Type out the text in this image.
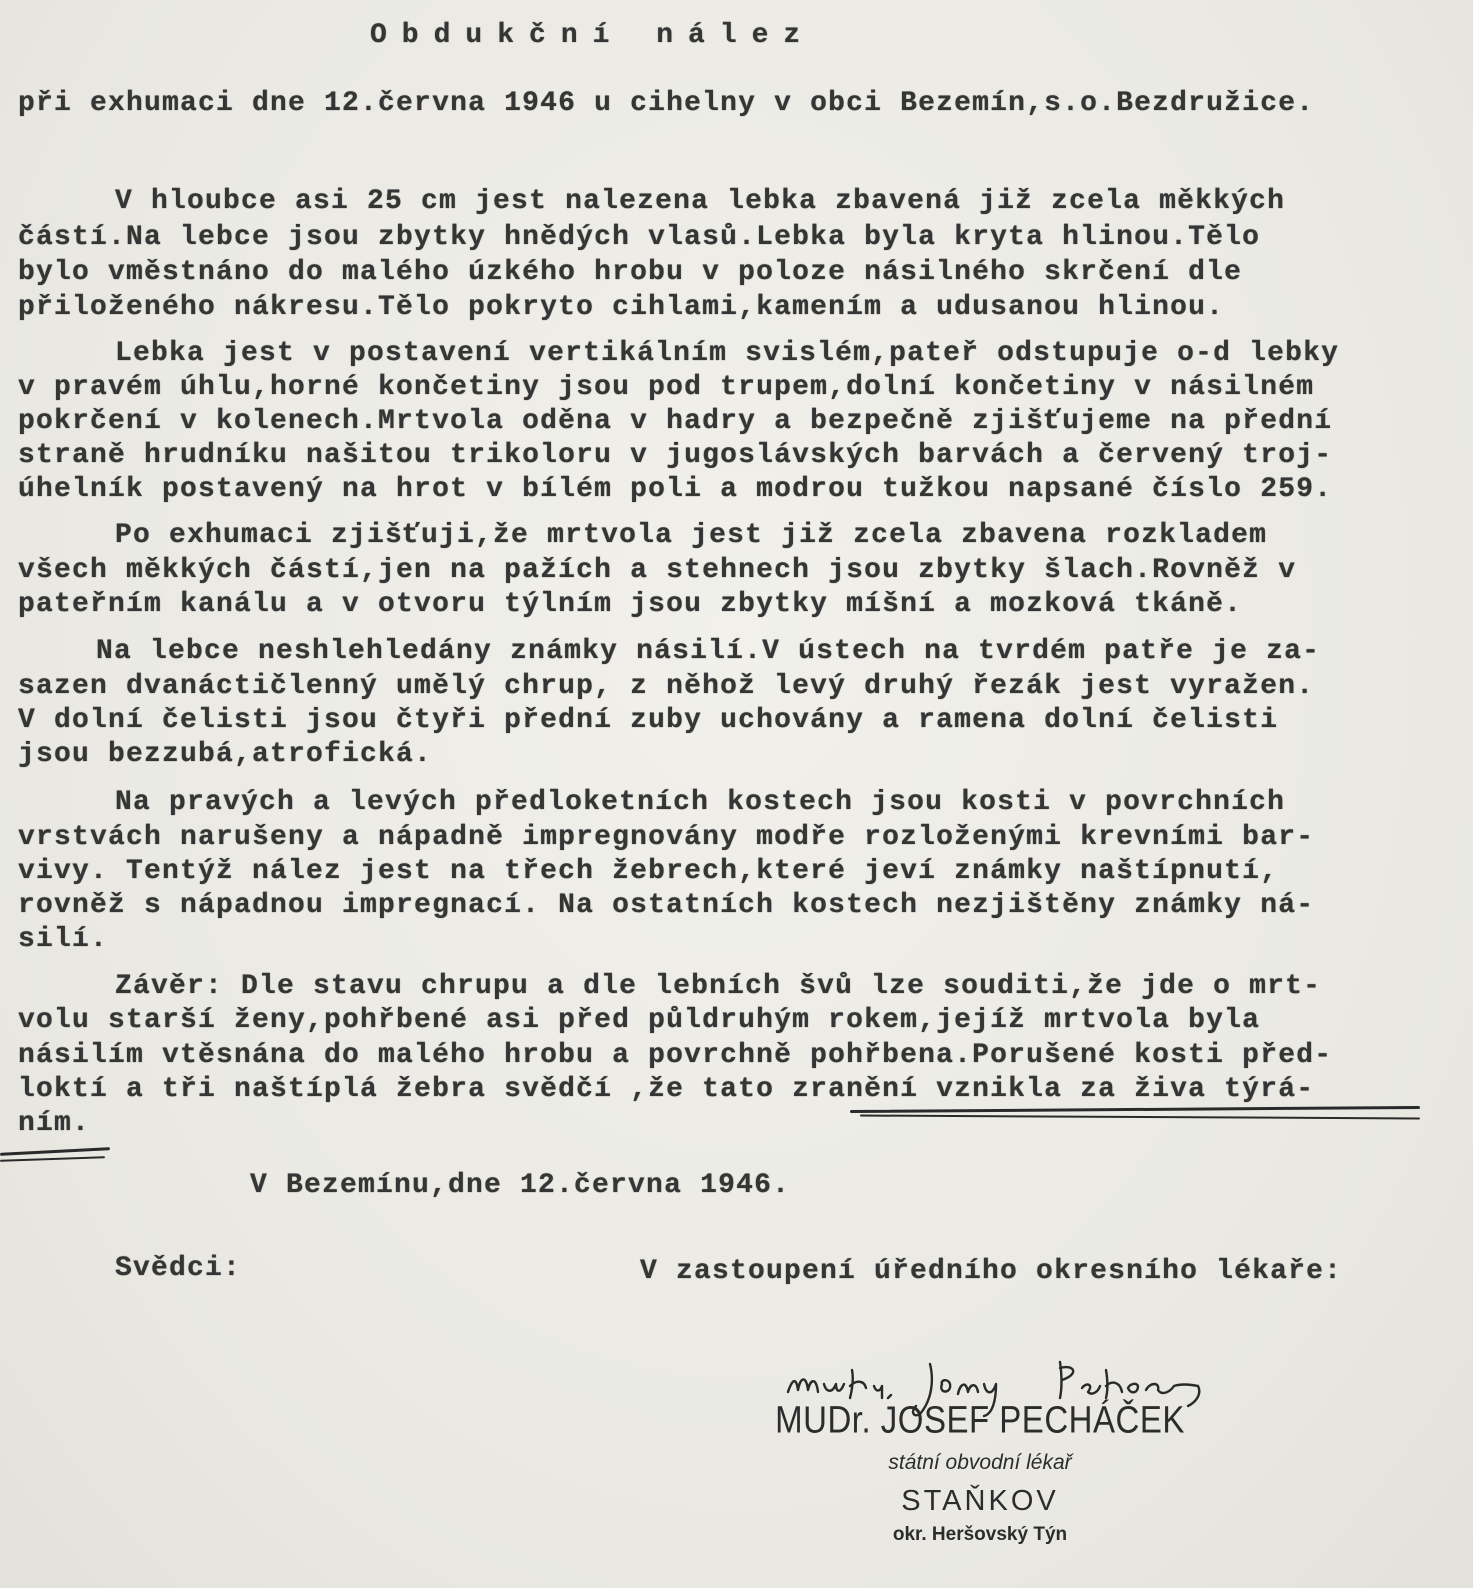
Obdukční nález
při exhumaci dne 12.června 1946 u cihelny v obci Bezemín,s.o.Bezdružice.
V hloubce asi 25 cm jest nalezena lebka zbavená již zcela měkkých
částí.Na lebce jsou zbytky hnědých vlasů.Lebka byla kryta hlinou.Tělo
bylo vměstnáno do malého úzkého hrobu v poloze násilného skrčení dle
přiloženého nákresu.Tělo pokryto cihlami,kamením a udusanou hlinou.
Lebka jest v postavení vertikálním svislém,pateř odstupuje o-d lebky
v pravém úhlu,horné končetiny jsou pod trupem,dolní končetiny v násilném
pokrčení v kolenech.Mrtvola oděna v hadry a bezpečně zjišťujeme na přední
straně hrudníku našitou trikoloru v jugoslávských barvách a červený troj-
úhelník postavený na hrot v bílém poli a modrou tužkou napsané číslo 259.
Po exhumaci zjišťuji,že mrtvola jest již zcela zbavena rozkladem
všech měkkých částí,jen na pažích a stehnech jsou zbytky šlach.Rovněž v
pateřním kanálu a v otvoru týlním jsou zbytky míšní a mozková tkáně.
Na lebce neshlehledány známky násilí.V ústech na tvrdém patře je za-
sazen dvanáctičlenný umělý chrup, z něhož levý druhý řezák jest vyražen.
V dolní čelisti jsou čtyři přední zuby uchovány a ramena dolní čelisti
jsou bezzubá,atrofická.
Na pravých a levých předloketních kostech jsou kosti v povrchních
vrstvách narušeny a nápadně impregnovány modře rozloženými krevními bar-
vivy. Tentýž nález jest na třech žebrech,které jeví známky naštípnutí,
rovněž s nápadnou impregnací. Na ostatních kostech nezjištěny známky ná-
silí.
Závěr: Dle stavu chrupu a dle lebních švů lze souditi,že jde o mrt-
volu starší ženy,pohřbené asi před půldruhým rokem,jejíž mrtvola byla
násilím vtěsnána do malého hrobu a povrchně pohřbena.Porušené kosti před-
loktí a tři naštíplá žebra svědčí ,že tato zranění vznikla za živa týrá-
ním.
V Bezemínu,dne 12.června 1946.
Svědci:	V zastoupení úředního okresního lékaře:

MUDr. JOSEF PECHÁČEK

státní obvodní lékař

STAŇKOV

okr. Heršovský Týn
